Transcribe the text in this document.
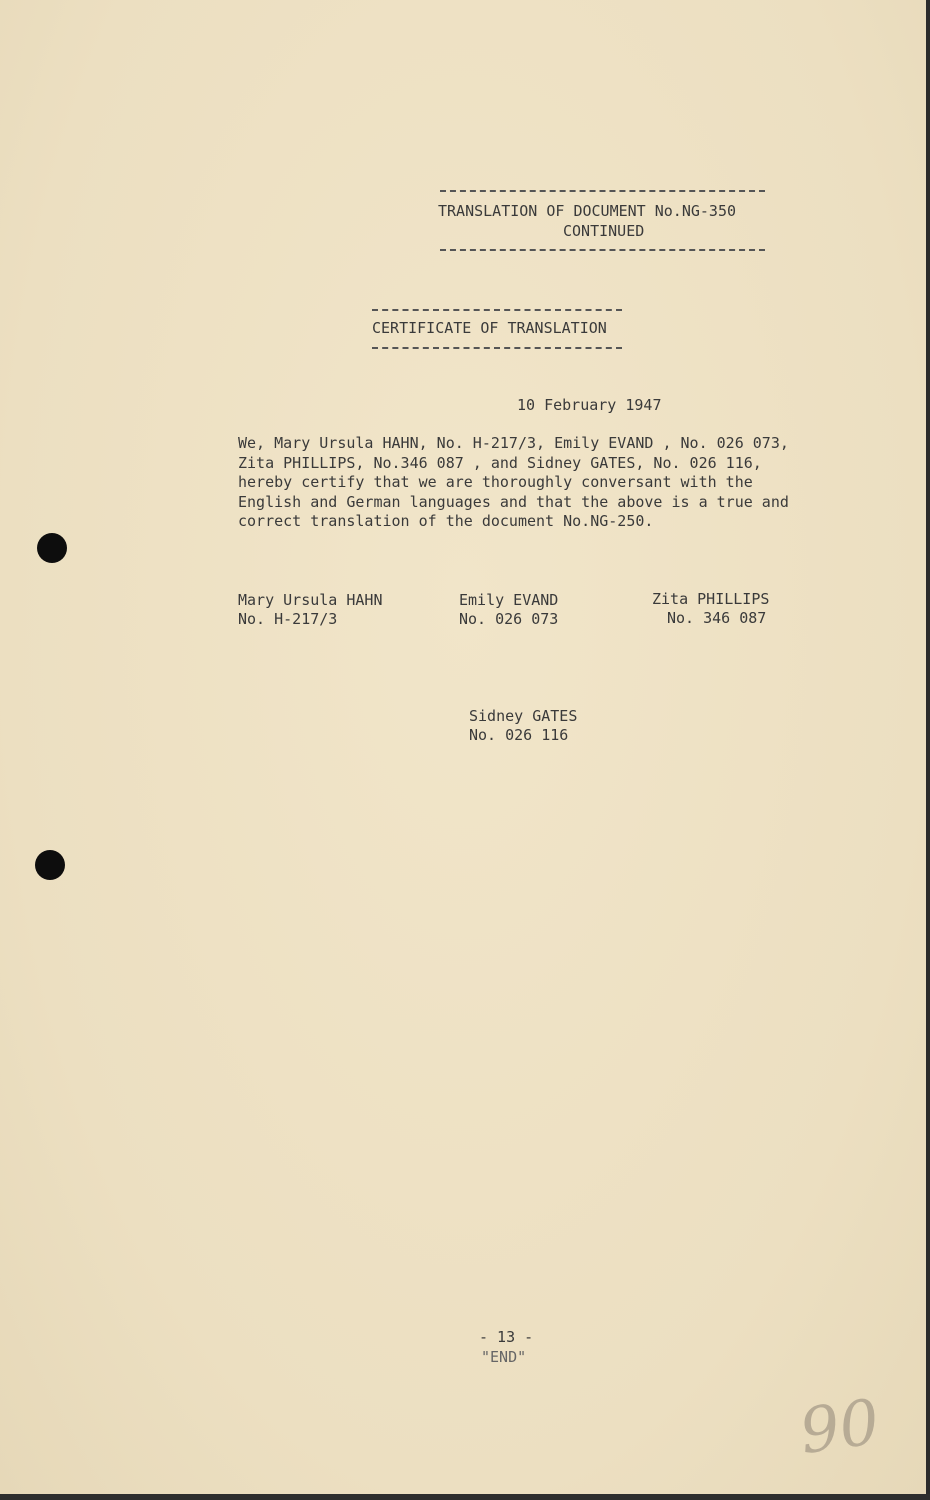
TRANSLATION OF DOCUMENT No.NG-350
CONTINUED
CERTIFICATE OF TRANSLATION
10 February 1947
We, Mary Ursula HAHN, No. H-217/3, Emily EVAND , No. 026 073,
Zita PHILLIPS, No.346 087 , and Sidney GATES, No. 026 116,
hereby certify that we are thoroughly conversant with the
English and German languages and that the above is a true and
correct translation of the document No.NG-250.
Mary Ursula HAHN
No. H-217/3
Emily EVAND
No. 026 073
Zita PHILLIPS
No. 346 087
Sidney GATES
No. 026 116
- 13 -
"END"
90
